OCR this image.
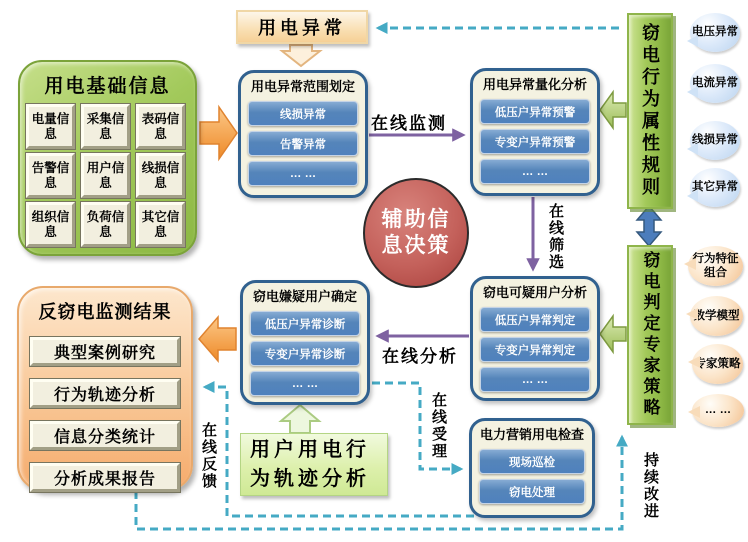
用电异常
用电基础信息
电量信息
采集信息
表码信息
告警信息
用户信息
线损信息
组织信息
负荷信息
其它信息
用电异常范围划定
线损异常
告警异常
… …
用电异常量化分析
低压户异常预警
专变户异常预警
… …	窃电行为属性规则	电压异常
电流异常
线损异常
其它异常
窃电判定专家策略	行为特征组合
数学模型
专家策略
… …
辅助信息决策
窃电嫌疑用户确定
低压户异常诊断
专变户异常诊断
… …
窃电可疑用户分析
低压户异常判定
专变户异常判定
… …
电力营销用电检查
现场巡检
窃电处理
反窃电监测结果
典型案例研究
行为轨迹分析
信息分类统计
分析成果报告
用户用电行为轨迹分析
在线监测
在线筛选
在线分析
在线受理
在线反馈	持续改进
